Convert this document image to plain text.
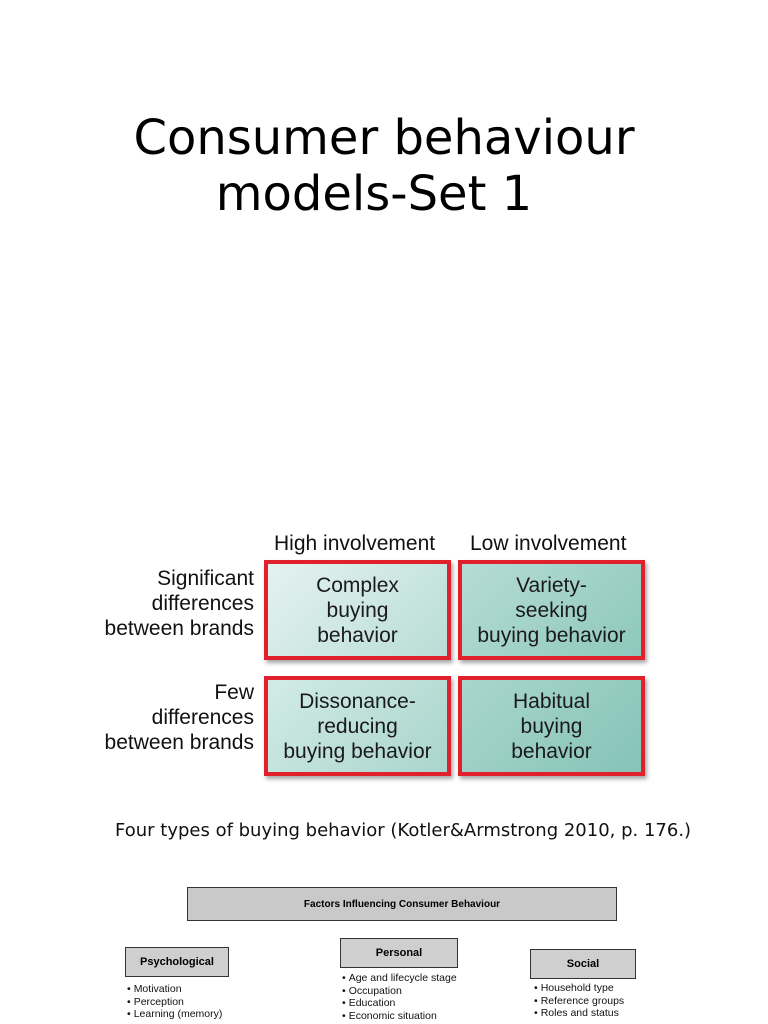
Consumer behaviour
models-Set 1
High involvement Low involvement
Significant
differences
between brands
Few
differences
between brands
Complex
buying
behavior
Variety-
seeking
buying behavior
Dissonance-
reducing
buying behavior
Habitual
buying
behavior
Four types of buying behavior (Kotler&Armstrong 2010, p. 176.)
Factors Influencing Consumer Behaviour
Psychological
• Motivation
• Perception
• Learning (memory)
Personal
• Age and lifecycle stage
• Occupation
• Education
• Economic situation
Social
• Household type
• Reference groups
• Roles and status
